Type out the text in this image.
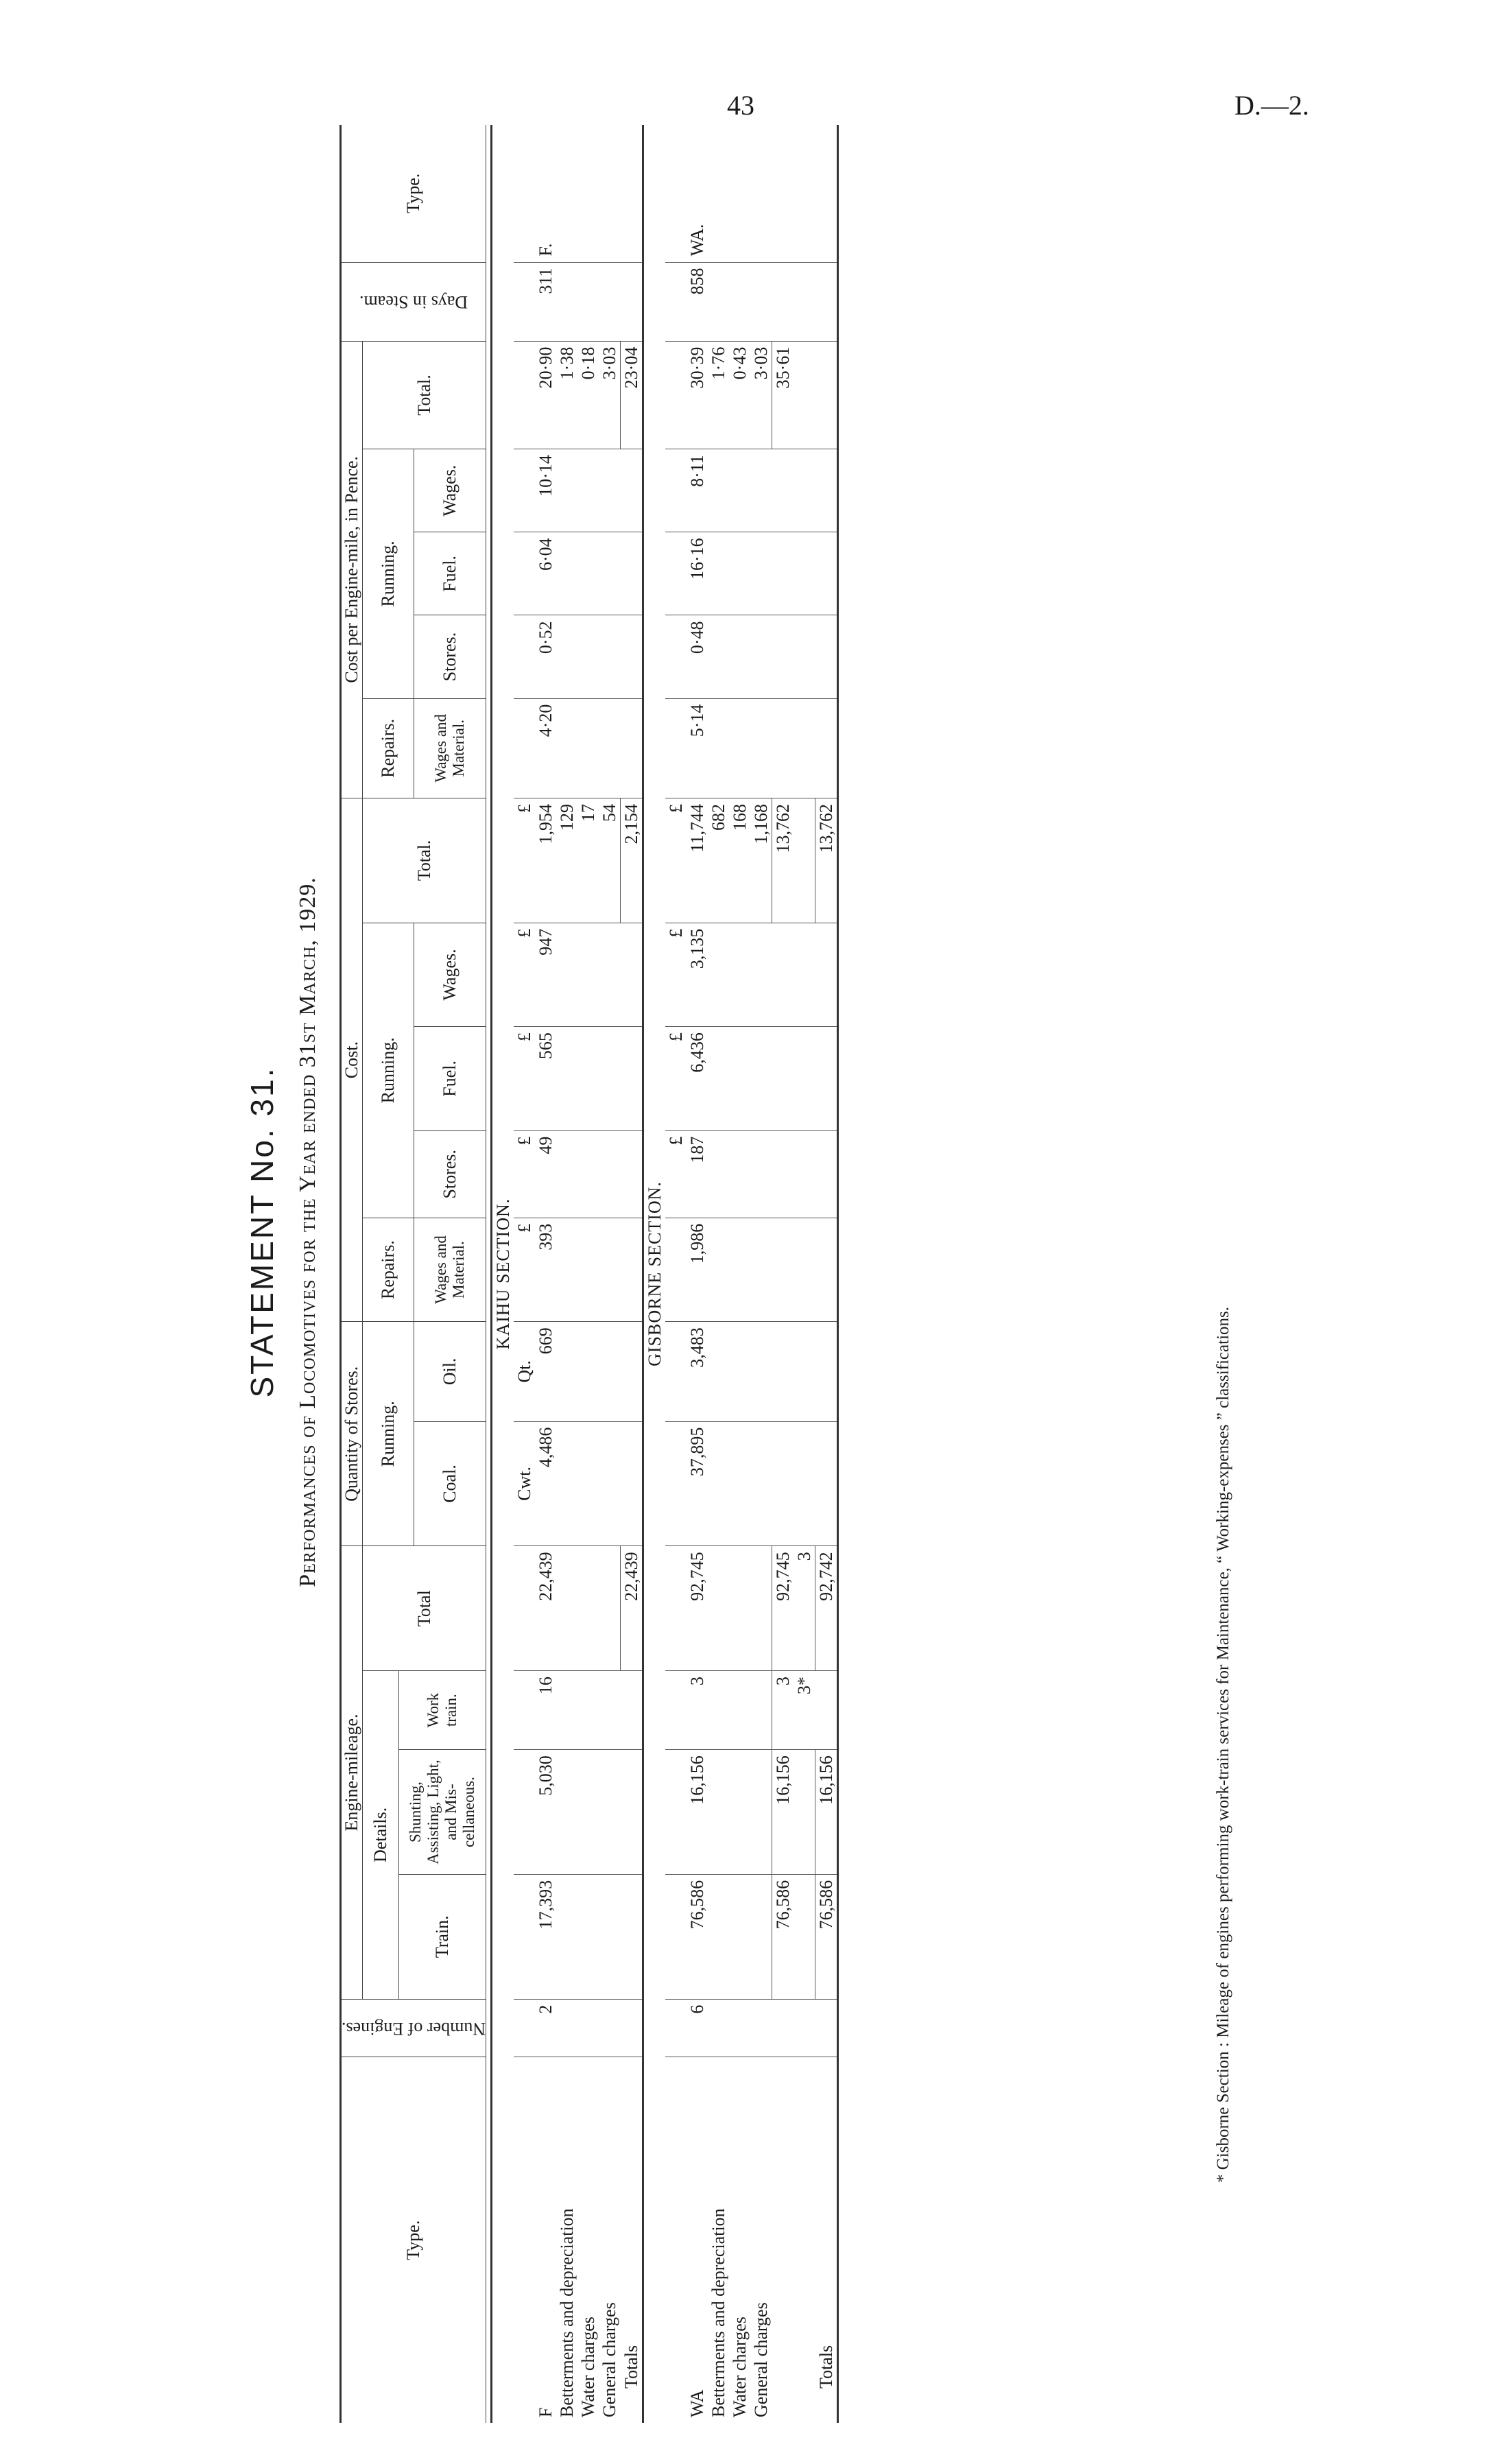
43	D.—2.
STATEMENT No. 31. Performances of Locomotives for the Year ended 31st March, 1929.
Type.	Number of Engines.	Engine-mileage.				Quantity of Stores.		Cost.					Cost per Engine-mile, in Pence.					Days in Steam.	Type.
		Details.			Total	Running.		Repairs.	Running.			Total.	Repairs.	Running.			Total.		
		Train.	Shunting, Assisting, Light, and Mis-cellaneous.	Work train.															
						Coal.	Oil.	Wages and Material.	Stores.	Fuel.	Wages.		Wages and Material.	Stores.	Fuel.	Wages.			

KAIHU SECTION.																			
						Cwt.	Qt.	£	£	£	£	£							
F	2	17,393	5,030	16	22,439	4,486	669	393	49	565	947	1,954	4·20	0·52	6·04	10·14	20·90	311	F.
Betterments and depreciation												129					1·38		
Water charges												17					0·18		
General charges												54					3·03		
Totals					22,439							2,154					23·04		
GISBORNE SECTION.																			
									£	£	£	£							
WA	6	76,586	16,156	3	92,745	37,895	3,483	1,986	187	6,436	3,135	11,744	5·14	0·48	16·16	8·11	30·39	858	WA.
Betterments and depreciation												682					1·76		
Water charges												168					0·43		
General charges												1,168					3·03		
		76,586	16,156	3	92,745							13,762					35·61		
				3*	3														
Totals		76,586	16,156		92,742							13,762							
* Gisborne Section : Mileage of engines performing work-train services for Maintenance, “ Working-expenses ” classifications.
